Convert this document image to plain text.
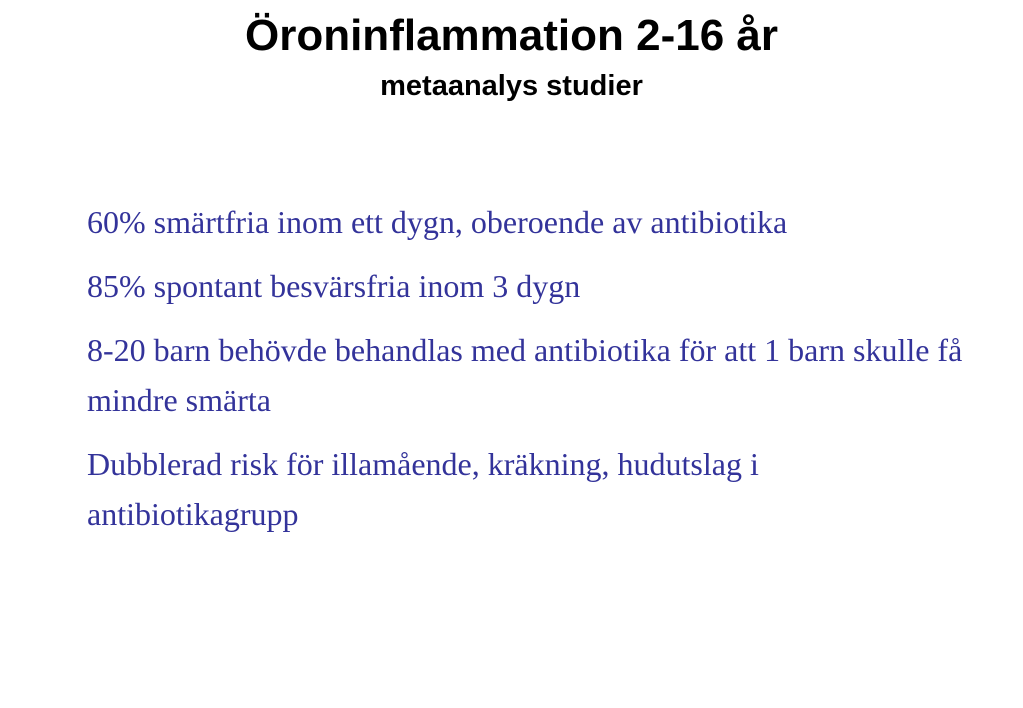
Öroninflammation 2-16 år
metaanalys studier
60% smärtfria inom ett dygn, oberoende av antibiotika
85% spontant besvärsfria inom 3 dygn
8-20 barn behövde behandlas med antibiotika för att 1 barn skulle få mindre smärta
Dubblerad risk för illamående, kräkning, hudutslag i antibiotikagrupp
